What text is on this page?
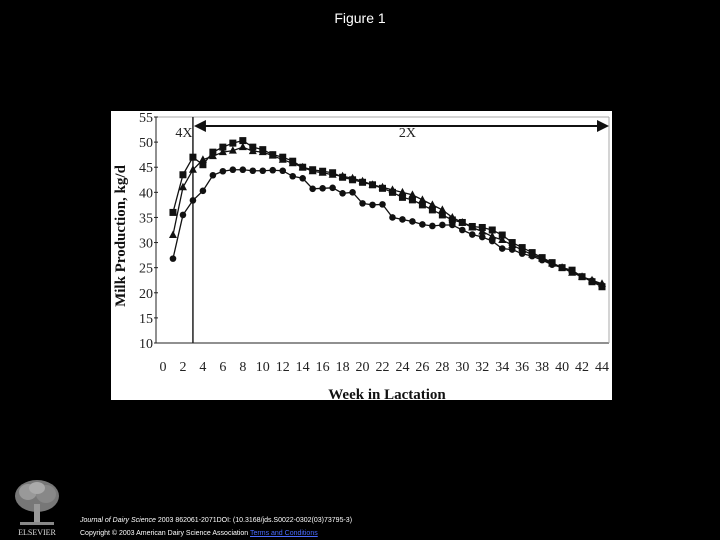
Figure 1
10
15
20
25
30
35
40
45
50
55
0 2 4 6 8 10 12 14 16 18 20 22 24 26 28 30 32 34 36 38 40 42 44
Milk Production, kg/d
Week in Lactation
4X	2X
ELSEVIER
Journal of Dairy Science 2003 862061-2071DOI: (10.3168/jds.S0022-0302(03)73795-3)
Copyright © 2003 American Dairy Science Association Terms and Conditions
